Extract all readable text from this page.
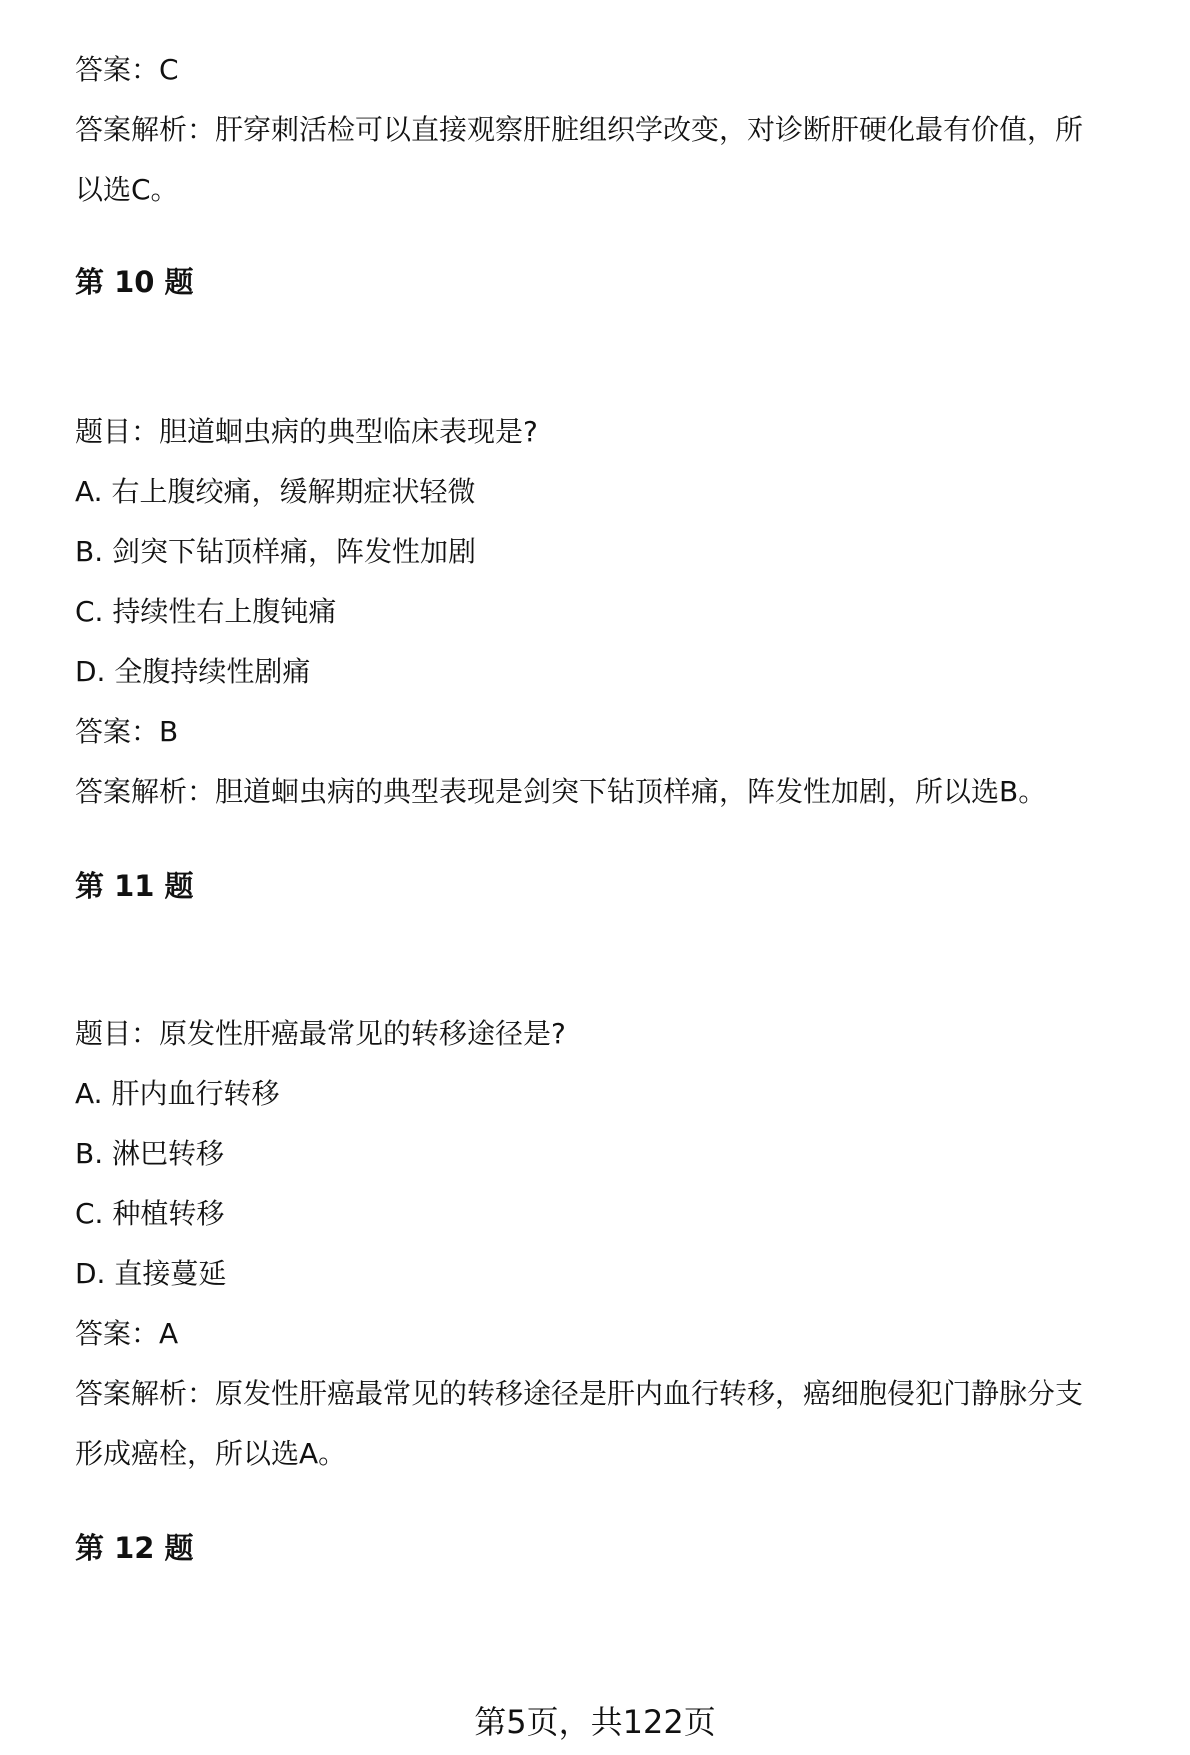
答案：C
答案解析：肝穿刺活检可以直接观察肝脏组织学改变，对诊断肝硬化最有价值，所
以选C。
第 10 题
题目：胆道蛔虫病的典型临床表现是?
A. 右上腹绞痛，缓解期症状轻微
B. 剑突下钻顶样痛，阵发性加剧
C. 持续性右上腹钝痛
D. 全腹持续性剧痛
答案：B
答案解析：胆道蛔虫病的典型表现是剑突下钻顶样痛，阵发性加剧，所以选B。
第 11 题
题目：原发性肝癌最常见的转移途径是?
A. 肝内血行转移
B. 淋巴转移
C. 种植转移
D. 直接蔓延
答案：A
答案解析：原发性肝癌最常见的转移途径是肝内血行转移，癌细胞侵犯门静脉分支
形成癌栓，所以选A。
第 12 题
第5页，共122页
